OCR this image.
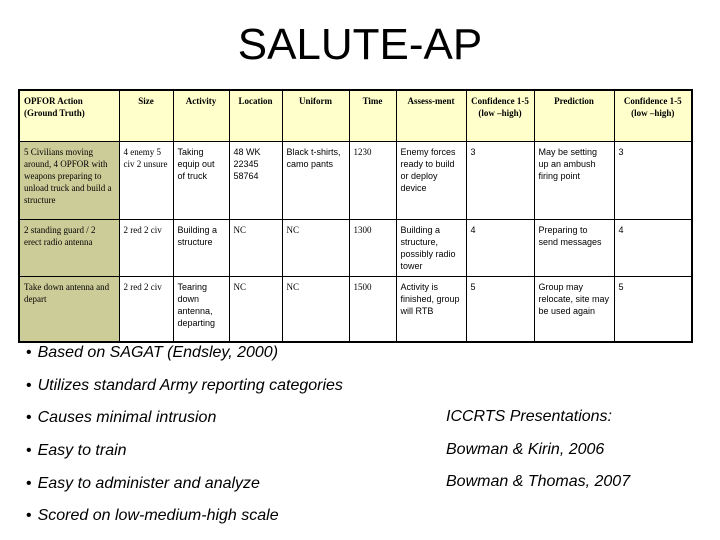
SALUTE-AP
OPFOR Action (Ground Truth)	Size	Activity	Location	Uniform	Time	Assess-ment	Confidence 1-5 (low –high)	Prediction	Confidence 1-5 (low –high)
5 Civilians moving around, 4 OPFOR with weapons preparing to unload truck and build a structure	4 enemy 5 civ 2 unsure	Taking equip out of truck	48 WK 22345 58764	Black t-shirts, camo pants	1230	Enemy forces ready to build or deploy device	3	May be setting up an ambush firing point	3
2 standing guard / 2 erect radio antenna	2 red 2 civ	Building a structure	NC	NC	1300	Building a structure, possibly radio tower	4	Preparing to send messages	4
Take down antenna and depart	2 red 2 civ	Tearing down antenna, departing	NC	NC	1500	Activity is finished, group will RTB	5	Group may relocate, site may be used again	5
• Based on SAGAT (Endsley, 2000)
• Utilizes standard Army reporting categories
• Causes minimal intrusion
• Easy to train
• Easy to administer and analyze
• Scored on low-medium-high scale
ICCRTS Presentations:
Bowman & Kirin, 2006
Bowman & Thomas, 2007
